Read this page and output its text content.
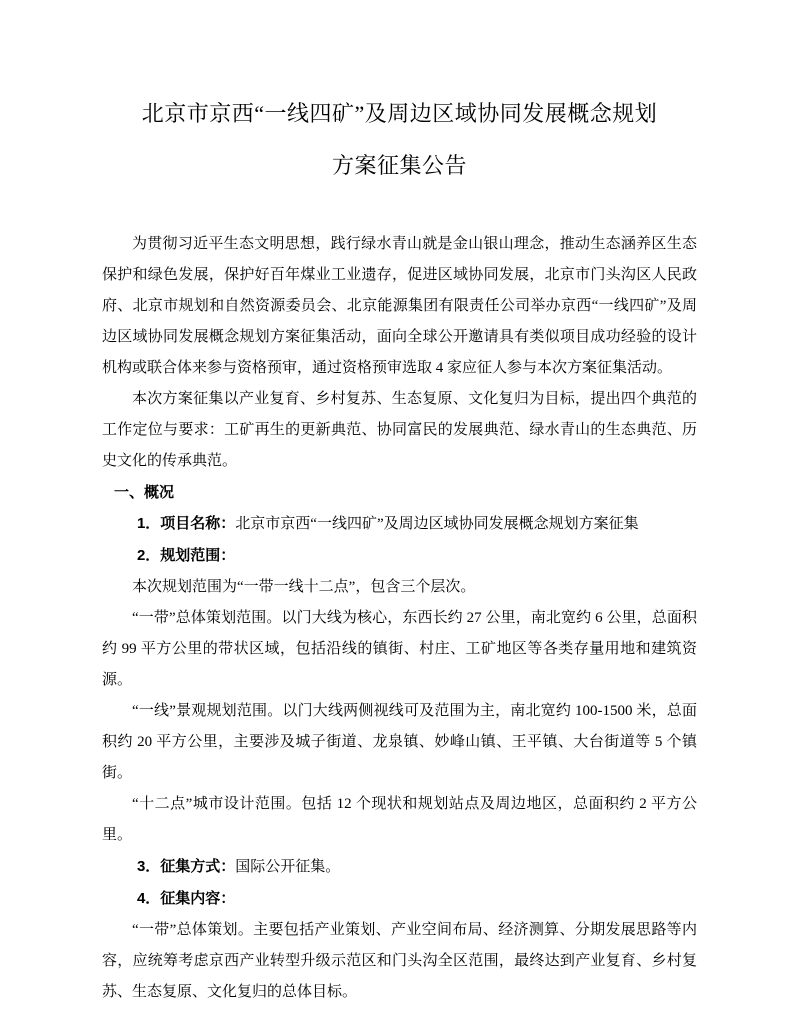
北京市京西“一线四矿”及周边区域协同发展概念规划
方案征集公告

为贯彻习近平生态文明思想，践行绿水青山就是金山银山理念，推动生态涵养区生态保护和绿色发展，保护好百年煤业工业遗存，促进区域协同发展，北京市门头沟区人民政府、北京市规划和自然资源委员会、北京能源集团有限责任公司举办京西“一线四矿”及周边区域协同发展概念规划方案征集活动，面向全球公开邀请具有类似项目成功经验的设计机构或联合体来参与资格预审，通过资格预审选取 4 家应征人参与本次方案征集活动。

本次方案征集以产业复育、乡村复苏、生态复原、文化复归为目标，提出四个典范的工作定位与要求：工矿再生的更新典范、协同富民的发展典范、绿水青山的生态典范、历史文化的传承典范。

一、概况

1．项目名称：北京市京西“一线四矿”及周边区域协同发展概念规划方案征集

2．规划范围：

本次规划范围为“一带一线十二点”，包含三个层次。

“一带”总体策划范围。以门大线为核心，东西长约 27 公里，南北宽约 6 公里，总面积约 99 平方公里的带状区域，包括沿线的镇街、村庄、工矿地区等各类存量用地和建筑资源。

“一线”景观规划范围。以门大线两侧视线可及范围为主，南北宽约 100-1500 米，总面积约 20 平方公里，主要涉及城子街道、龙泉镇、妙峰山镇、王平镇、大台街道等 5 个镇街。

“十二点”城市设计范围。包括 12 个现状和规划站点及周边地区，总面积约 2 平方公里。

3．征集方式：国际公开征集。

4．征集内容：

“一带”总体策划。主要包括产业策划、产业空间布局、经济测算、分期发展思路等内容，应统筹考虑京西产业转型升级示范区和门头沟全区范围，最终达到产业复育、乡村复苏、生态复原、文化复归的总体目标。
